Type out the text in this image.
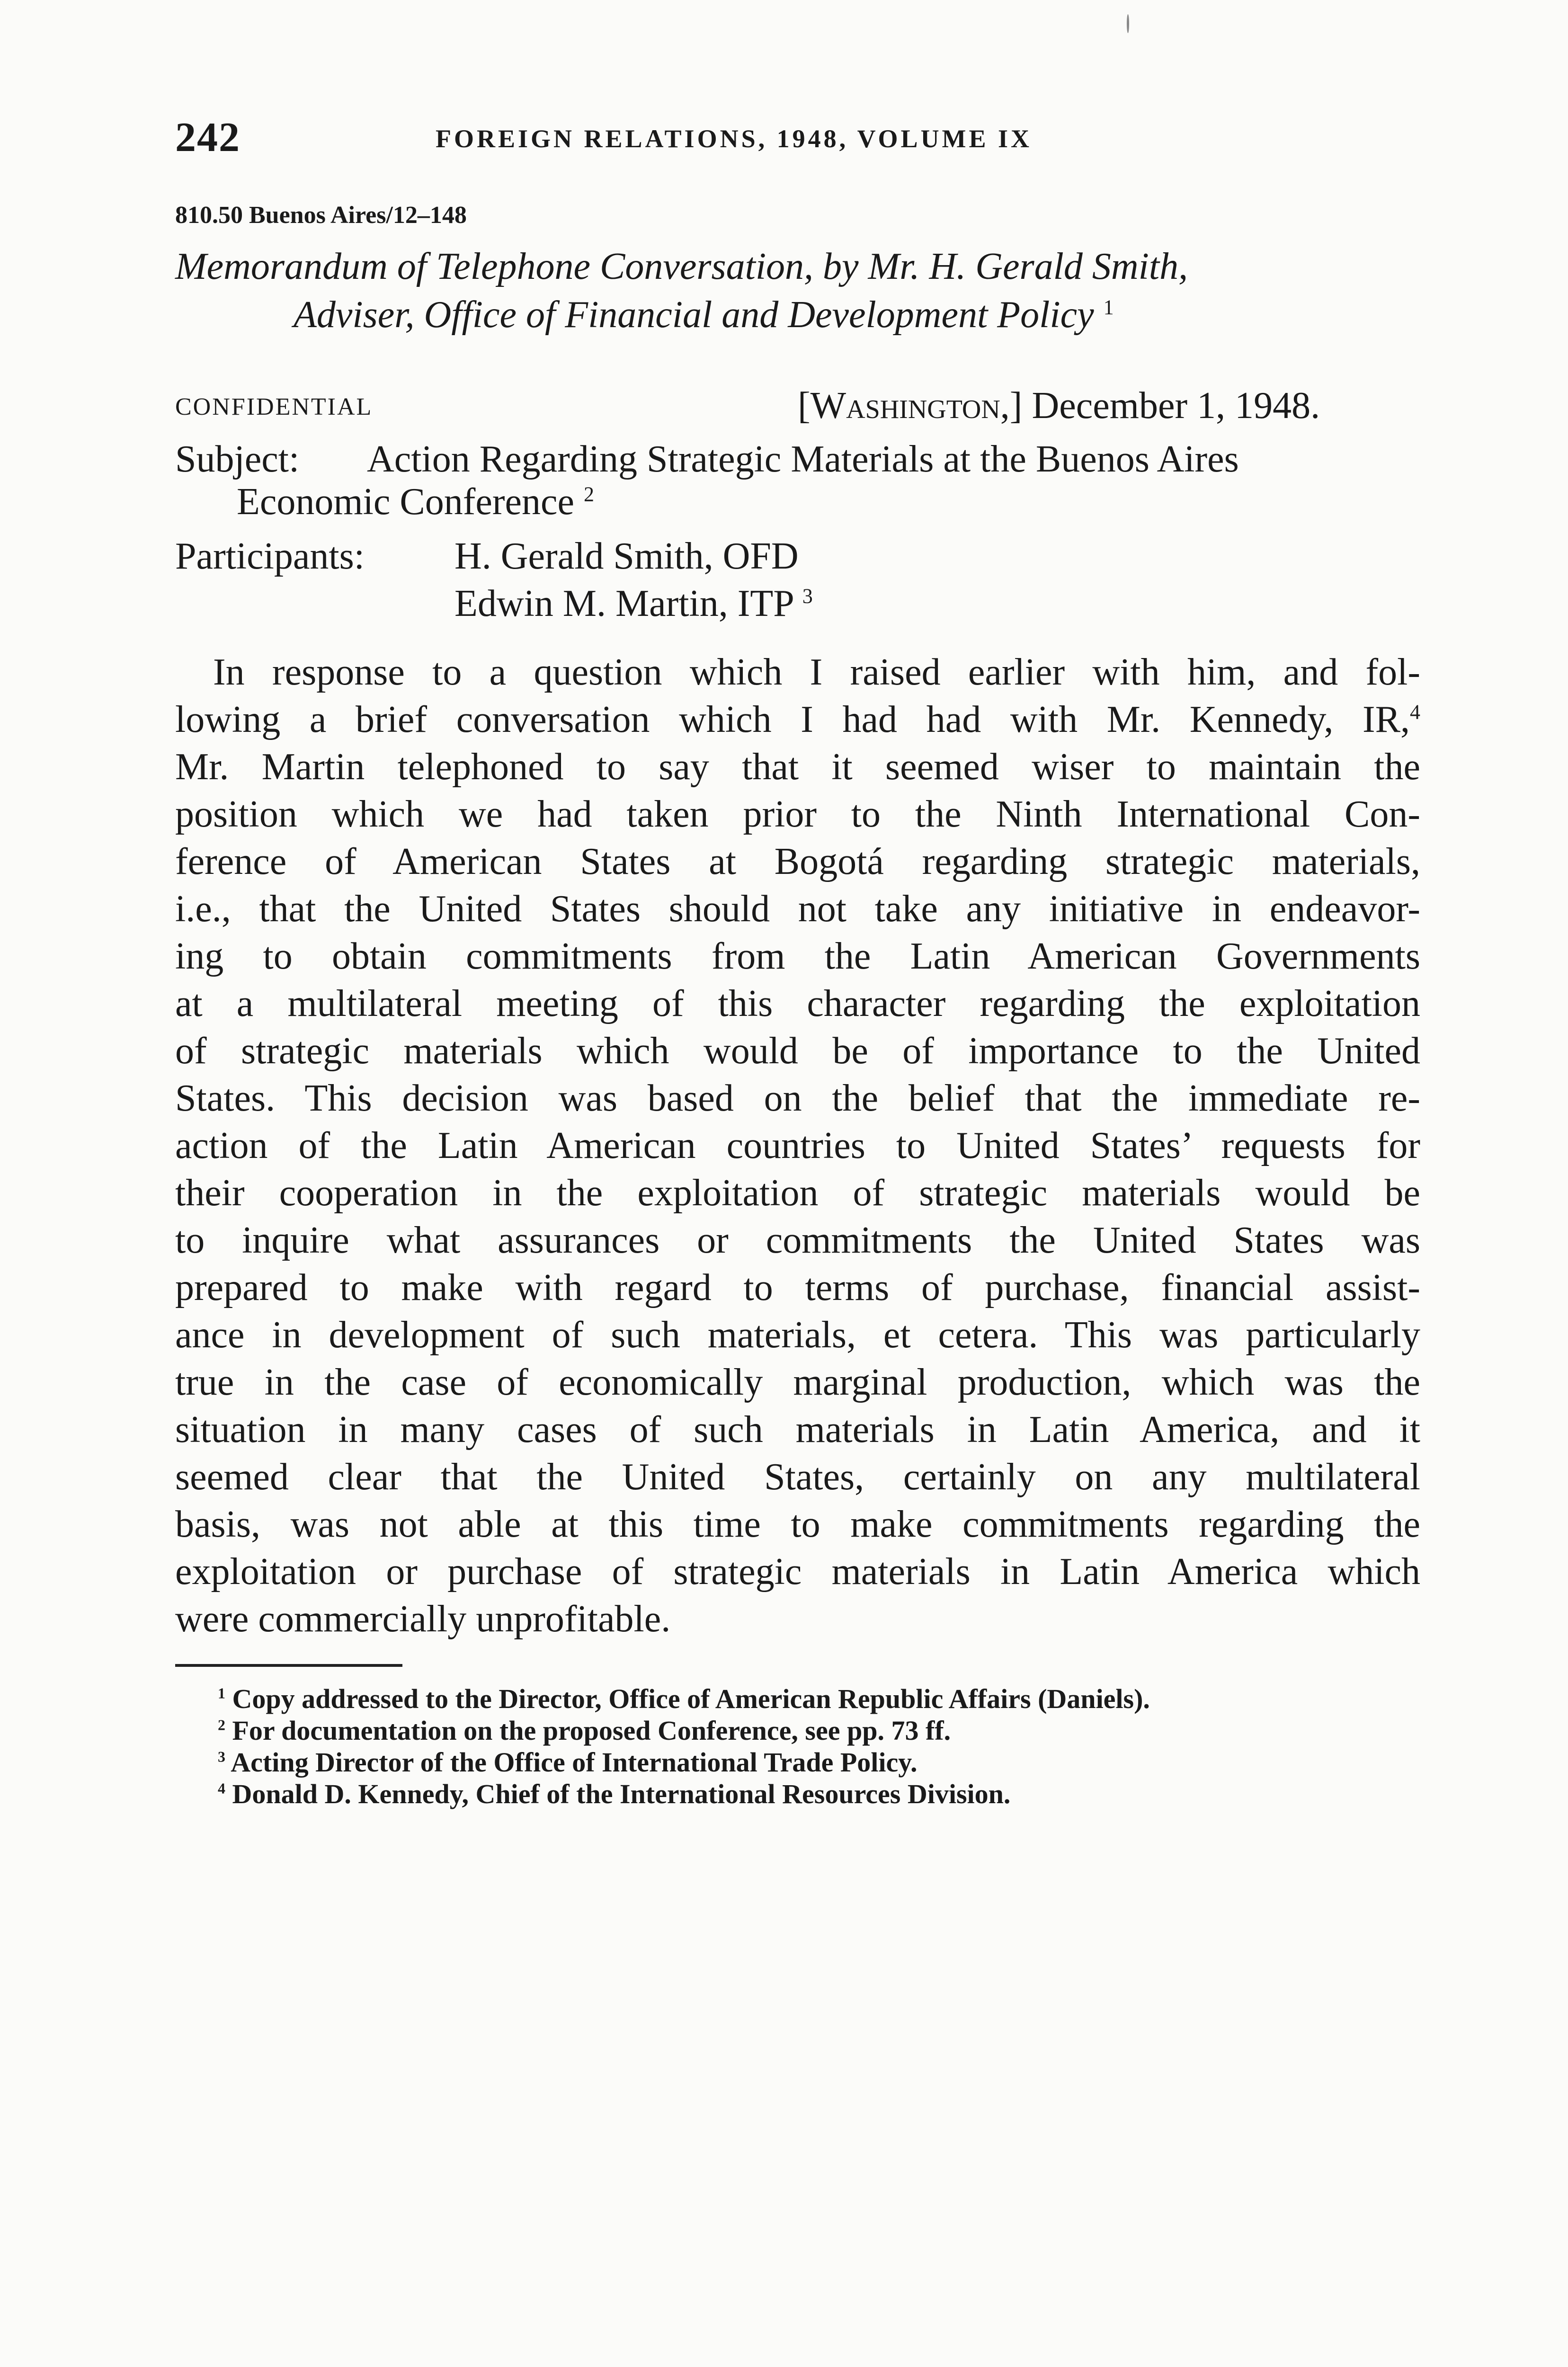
242	FOREIGN RELATIONS, 1948, VOLUME IX
810.50 Buenos Aires/12–148
Memorandum of Telephone Conversation, by Mr. H. Gerald Smith,
Adviser, Office of Financial and Development Policy $^1$
CONFIDENTIAL	[Washington,] December 1, 1948.
Subject: Action Regarding Strategic Materials at the Buenos Aires
Economic Conference $^2$
Participants: H. Gerald Smith, OFD
Edwin M. Martin, ITP $^3$
In response to a question which I raised earlier with him, and fol-
lowing a brief conversation which I had had with Mr. Kennedy, IR,$^4$
Mr. Martin telephoned to say that it seemed wiser to maintain the
position which we had taken prior to the Ninth International Con-
ference of American States at Bogotá regarding strategic materials,
i.e., that the United States should not take any initiative in endeavor-
ing to obtain commitments from the Latin American Governments
at a multilateral meeting of this character regarding the exploitation
of strategic materials which would be of importance to the United
States. This decision was based on the belief that the immediate re-
action of the Latin American countries to United States’ requests for
their cooperation in the exploitation of strategic materials would be
to inquire what assurances or commitments the United States was
prepared to make with regard to terms of purchase, financial assist-
ance in development of such materials, et cetera. This was particularly
true in the case of economically marginal production, which was the
situation in many cases of such materials in Latin America, and it
seemed clear that the United States, certainly on any multilateral
basis, was not able at this time to make commitments regarding the
exploitation or purchase of strategic materials in Latin America which
were commercially unprofitable.
$^1$ Copy addressed to the Director, Office of American Republic Affairs (Daniels).
$^2$ For documentation on the proposed Conference, see pp. 73 ff.
$^3$ Acting Director of the Office of International Trade Policy.
$^4$ Donald D. Kennedy, Chief of the International Resources Division.
